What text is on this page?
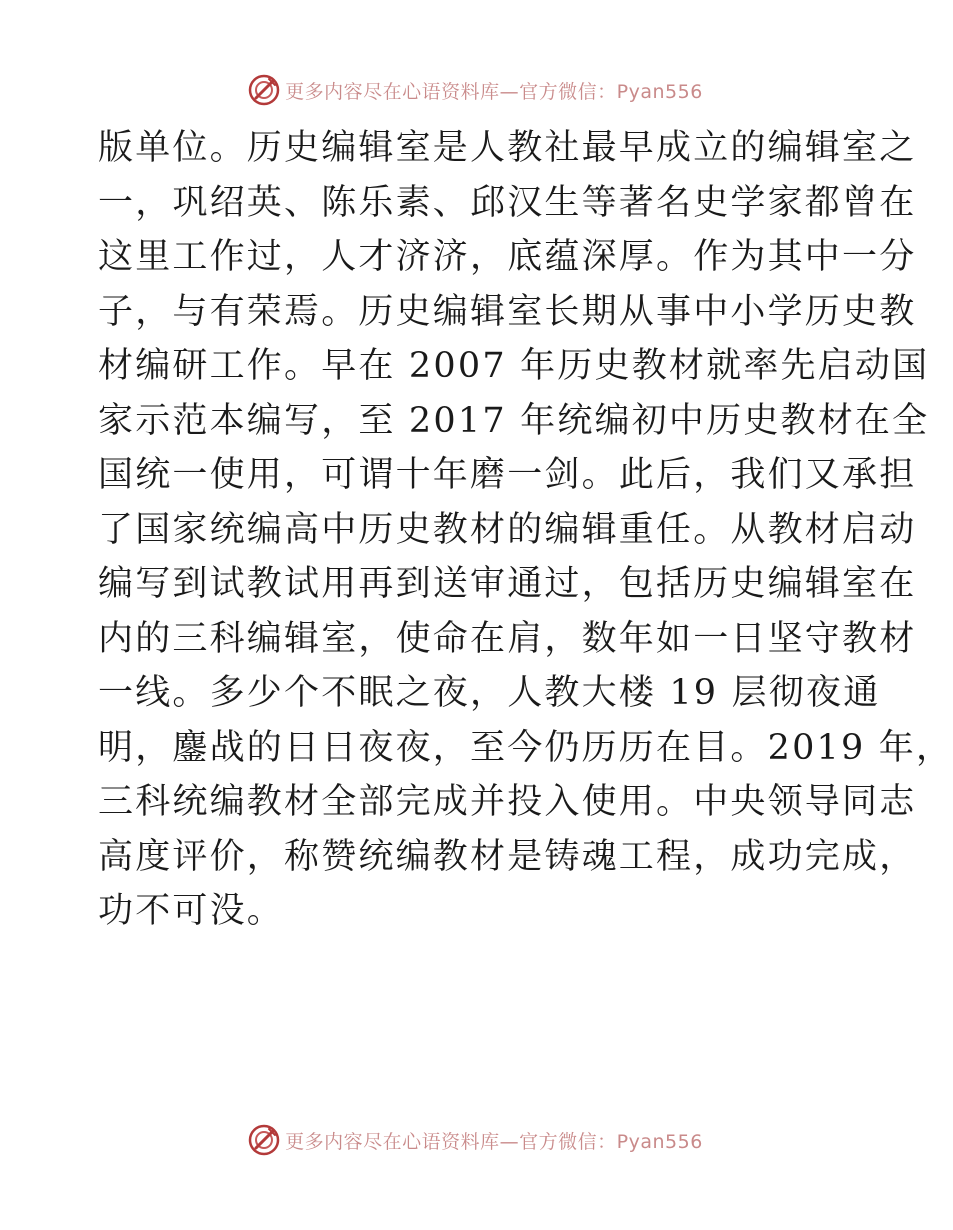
更多内容尽在心语资料库—官方微信：Pyan556
版单位。历史编辑室是人教社最早成立的编辑室之
一，巩绍英、陈乐素、邱汉生等著名史学家都曾在
这里工作过，人才济济，底蕴深厚。作为其中一分
子，与有荣焉。历史编辑室长期从事中小学历史教
材编研工作。早在 2007 年历史教材就率先启动国
家示范本编写，至 2017 年统编初中历史教材在全
国统一使用，可谓十年磨一剑。此后，我们又承担
了国家统编高中历史教材的编辑重任。从教材启动
编写到试教试用再到送审通过，包括历史编辑室在
内的三科编辑室，使命在肩，数年如一日坚守教材
一线。多少个不眠之夜，人教大楼 19 层彻夜通
明，鏖战的日日夜夜，至今仍历历在目。2019 年，
三科统编教材全部完成并投入使用。中央领导同志
高度评价，称赞统编教材是铸魂工程，成功完成，
功不可没。
更多内容尽在心语资料库—官方微信：Pyan556
